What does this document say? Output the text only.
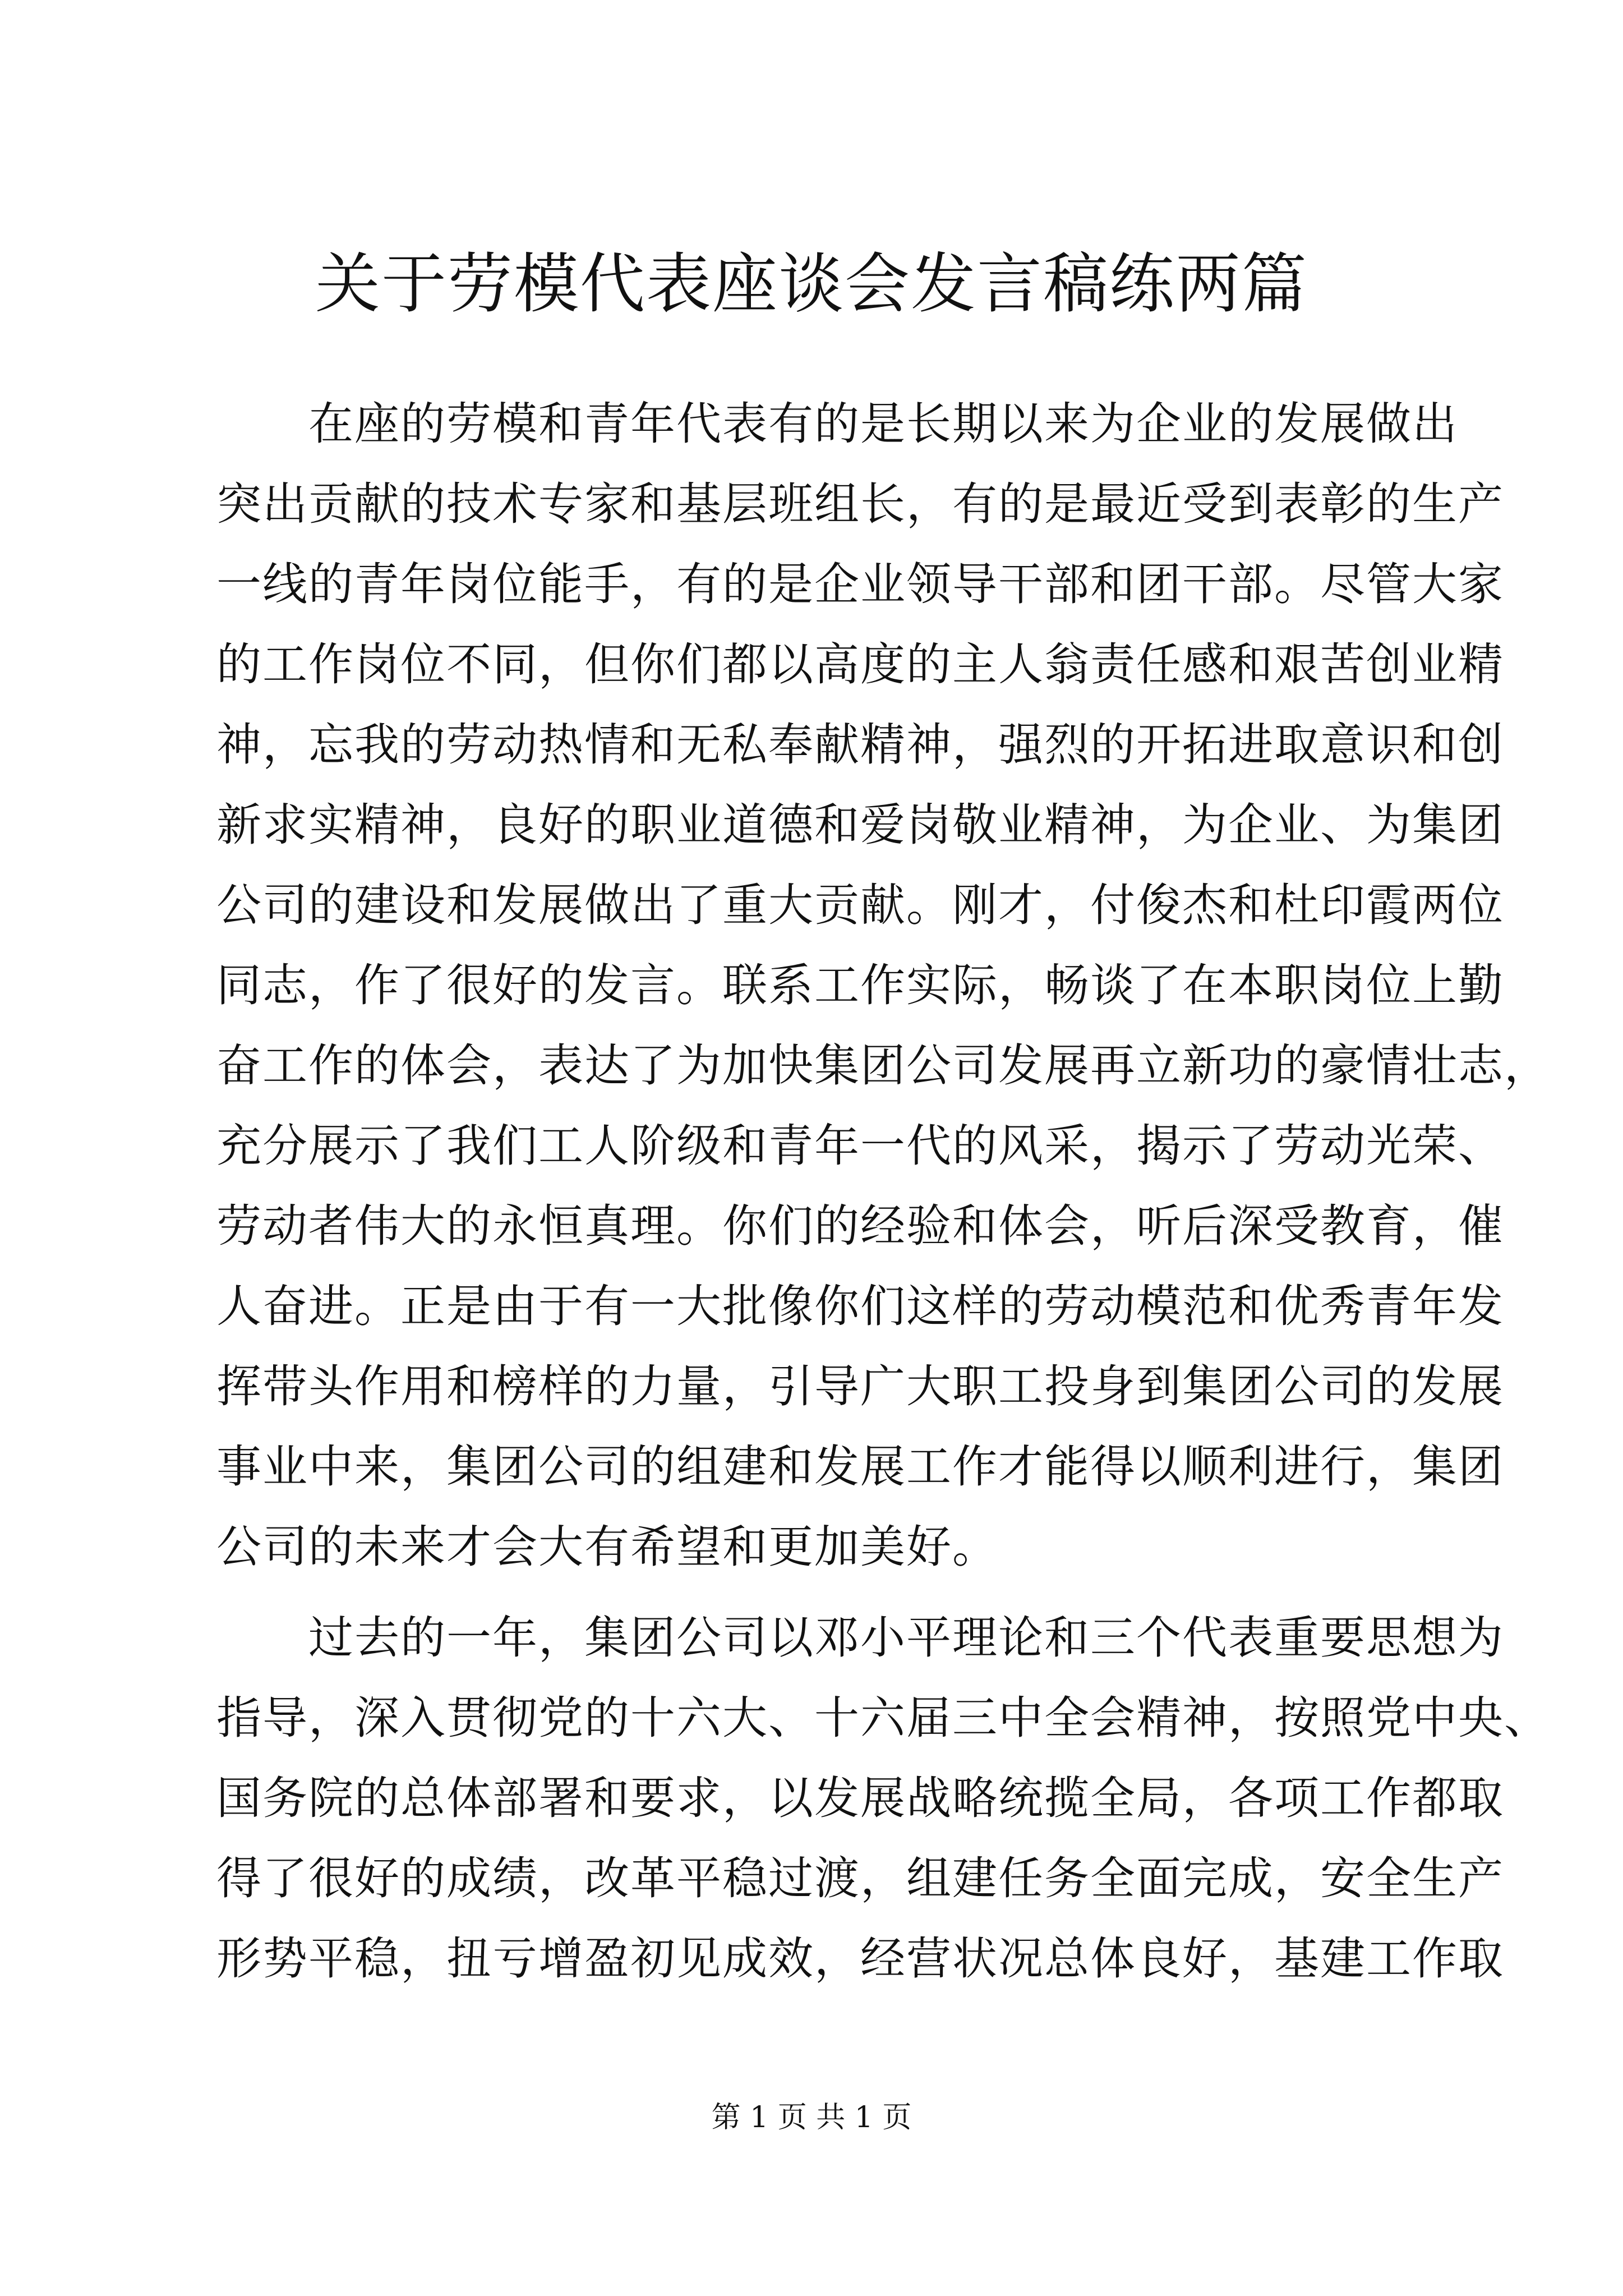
关于劳模代表座谈会发言稿练两篇
在座的劳模和青年代表有的是长期以来为企业的发展做出
突出贡献的技术专家和基层班组长，有的是最近受到表彰的生产
一线的青年岗位能手，有的是企业领导干部和团干部。尽管大家
的工作岗位不同，但你们都以高度的主人翁责任感和艰苦创业精
神，忘我的劳动热情和无私奉献精神，强烈的开拓进取意识和创
新求实精神，良好的职业道德和爱岗敬业精神，为企业、为集团
公司的建设和发展做出了重大贡献。刚才，付俊杰和杜印霞两位
同志，作了很好的发言。联系工作实际，畅谈了在本职岗位上勤
奋工作的体会，表达了为加快集团公司发展再立新功的豪情壮志，
充分展示了我们工人阶级和青年一代的风采，揭示了劳动光荣、
劳动者伟大的永恒真理。你们的经验和体会，听后深受教育，催
人奋进。正是由于有一大批像你们这样的劳动模范和优秀青年发
挥带头作用和榜样的力量，引导广大职工投身到集团公司的发展
事业中来，集团公司的组建和发展工作才能得以顺利进行，集团
公司的未来才会大有希望和更加美好。
过去的一年，集团公司以邓小平理论和三个代表重要思想为
指导，深入贯彻党的十六大、十六届三中全会精神，按照党中央、
国务院的总体部署和要求，以发展战略统揽全局，各项工作都取
得了很好的成绩，改革平稳过渡，组建任务全面完成，安全生产
形势平稳，扭亏增盈初见成效，经营状况总体良好，基建工作取
第 1 页 共 1 页
